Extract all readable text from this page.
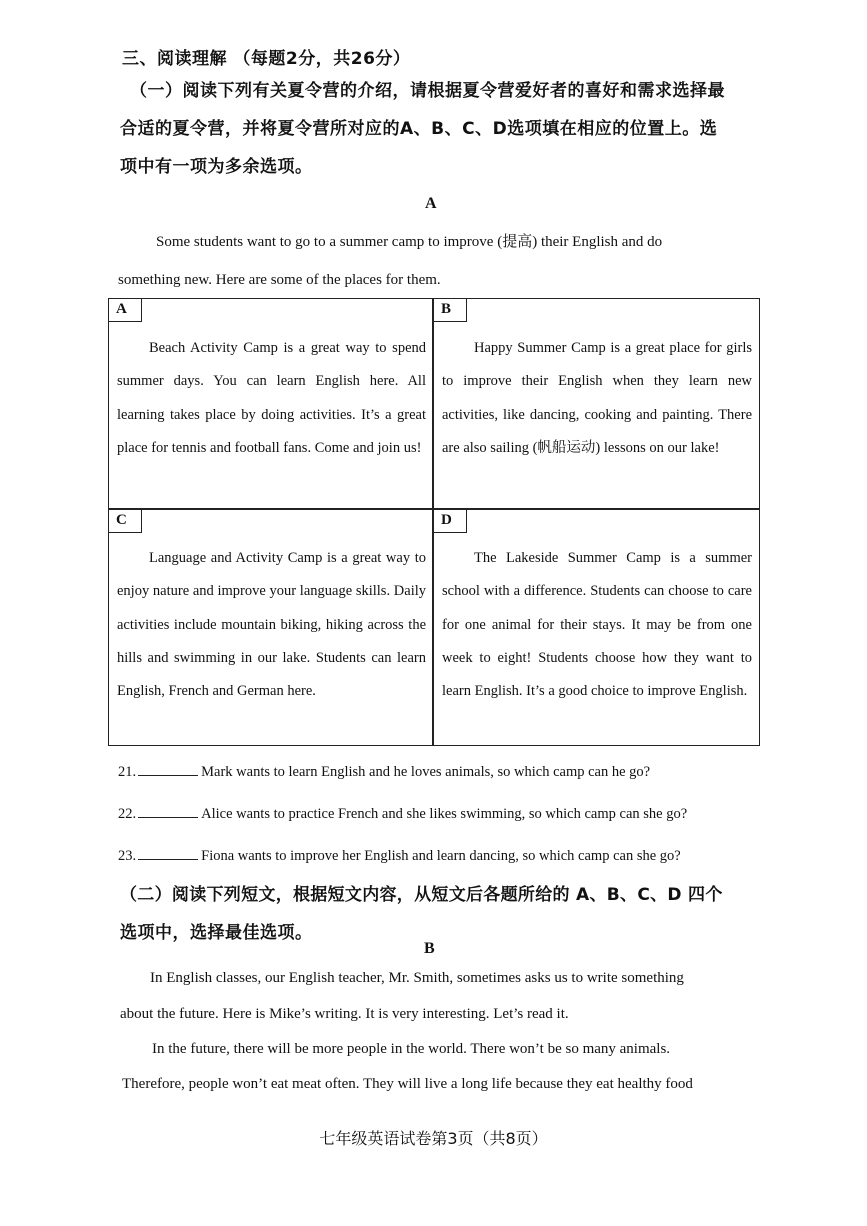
三、阅读理解 （每题2分，共26分）
（一）阅读下列有关夏令营的介绍，请根据夏令营爱好者的喜好和需求选择最
合适的夏令营，并将夏令营所对应的A、B、C、D选项填在相应的位置上。选
项中有一项为多余选项。
A
Some students want to go to a summer camp to improve (提高) their English and do
something new. Here are some of the places for them.
A	B
C	D

Beach Activity Camp is a great way to spend summer days. You can learn English here. All learning takes place by doing activities. It’s a great place for tennis and football fans. Come and join us!

Happy Summer Camp is a great place for girls to improve their English when they learn new activities, like dancing, cooking and painting. There are also sailing (帆船运动) lessons on our lake!

Language and Activity Camp is a great way to enjoy nature and improve your language skills. Daily activities include mountain biking, hiking across the hills and swimming in our lake. Students can learn English, French and German here.

The Lakeside Summer Camp is a summer school with a difference. Students can choose to care for one animal for their stays. It may be from one week to eight! Students choose how they want to learn English. It’s a good choice to improve English.

21.	Mark wants to learn English and he loves animals, so which camp can he go?
22.	Alice wants to practice French and she likes swimming, so which camp can she go?
23.	Fiona wants to improve her English and learn dancing, so which camp can she go?
（二）阅读下列短文，根据短文内容，从短文后各题所给的 A、B、C、D 四个
选项中，选择最佳选项。
B
In English classes, our English teacher, Mr. Smith, sometimes asks us to write something
about the future. Here is Mike’s writing. It is very interesting. Let’s read it.
In the future, there will be more people in the world. There won’t be so many animals.
Therefore, people won’t eat meat often. They will live a long life because they eat healthy food
七年级英语试卷第3页（共8页）
